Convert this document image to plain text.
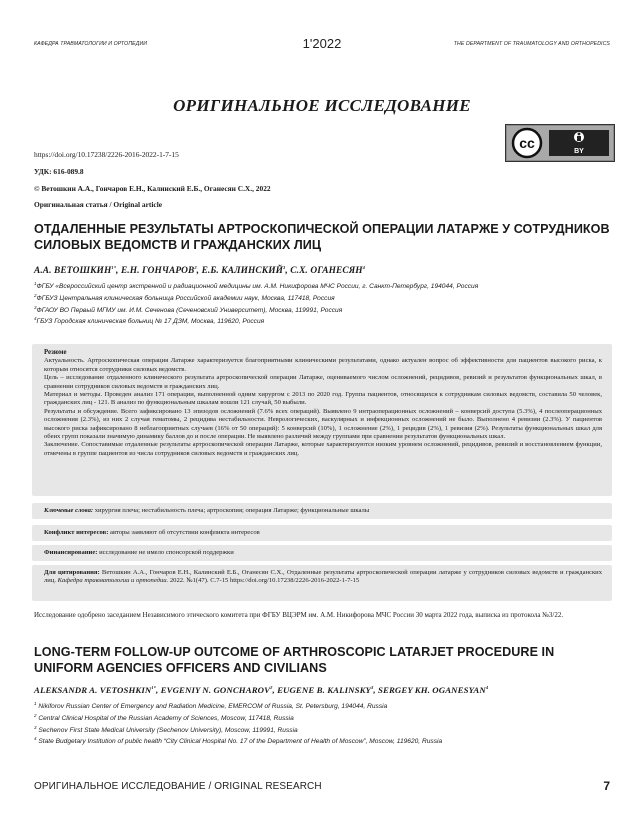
КАФЕДРА ТРАВМАТОЛОГИИ И ОРТОПЕДИИ	1'2022	THE DEPARTMENT OF TRAUMATOLOGY AND ORTHOPEDICS
ОРИГИНАЛЬНОЕ ИССЛЕДОВАНИЕ
cc
BY
https://doi.org/10.17238/2226-2016-2022-1-7-15
УДК: 616-089.8
© Ветошкин А.А., Гончаров Е.Н., Калинский Е.Б., Оганесян С.Х., 2022
Оригинальная статья / Original article
ОТДАЛЕННЫЕ РЕЗУЛЬТАТЫ АРТРОСКОПИЧЕСКОЙ ОПЕРАЦИИ ЛАТАРЖЕ У СОТРУДНИКОВ СИЛОВЫХ ВЕДОМСТВ И ГРАЖДАНСКИХ ЛИЦ
А.А. $ВЕТОШКИН^{1*}$, Е.Н. ГОНЧАРОВ$^2$, Е.Б. КАЛИНСКИЙ$^3$, С.Х. ОГАНЕСЯН$^4$
$^1$ФГБУ «Всероссийский центр экстренной и радиационной медицины им. А.М. Никифорова МЧС России, г. Санкт-Петербург, 194044, Россия
$^2$ФГБУЗ Центральная клиническая больница Российской академии наук, Москва, 117418, Россия
$^3$ФГАОУ ВО Первый МГМУ им. И.М. Сеченова (Сеченовский Университет), Москва, 119991, Россия
$^4$ГБУЗ Городская клиническая больниц № 17 ДЗМ, Москва, 119620, Россия
Резюме
Актуальность. Артроскопическая операция Латарже характеризуется благоприятными клиническими результатами, однако актуален вопрос об эффективности для пациентов высокого риска, к которым относятся сотрудники силовых ведомств.
Цель – исследование отдаленного клинического результата артроскопической операции Латарже, оцениваемого числом осложнений, рецидивов, ревизий и результатов функциональных шкал, в сравнении сотрудников силовых ведомств и гражданских лиц.
Материал и методы. Проведен анализ 171 операции, выполненной одним хирургом с 2013 по 2020 год. Группа пациентов, относящихся к сотрудникам силовых ведомств, составила 50 человек, гражданских лиц - 121. В анализ по функциональным шкалам вошли 121 случай, 50 выбыли.
Результаты и обсуждение. Всего зафиксировано 13 эпизодов осложнений (7.6% всех операций). Выявлено 9 интраоперационных осложнений – конверсий доступа (5.3%), 4 послеоперационных осложнения (2.3%), из них 2 случая гематомы, 2 рецидива нестабильности. Неврологических, васкулярных и инфекционных осложнений не было. Выполнено 4 ревизии (2.3%). У пациентов высокого риска зафиксировано 8 неблагоприятных случаев (16% от 50 операций): 5 конверсий (10%), 1 осложнение (2%), 1 рецидив (2%), 1 ревизия (2%). Результаты функциональных шкал для обеих групп показали значимую динамику баллов до и после операции. Не выявлено различий между группами при сравнении результатов функциональных шкал.
Заключение. Сопоставимые отдаленные результаты артроскопической операции Латарже, которые характеризуются низким уровнем осложнений, рецидивов, ревизий и восстановлением функции, отмечены в группе пациентов из числа сотрудников силовых ведомств и гражданских лиц.
Ключевые слова: хирургия плеча; нестабильность плеча; артроскопия; операция Латарже; функциональные шкалы
Конфликт интересов: авторы заявляют об отсутствии конфликта интересов
Финансирование: исследование не имело спонсорской поддержки
Для цитирования: Ветошкин А.А., Гончаров Е.Н., Калинский Е.Б., Оганесян С.Х., Отдаленные результаты артроскопической операции латарже у сотрудников силовых ведомств и гражданских лиц. Кафедра травматологии и ортопедии. 2022. №1(47). С.7-15 https://doi.org/10.17238/2226-2016-2022-1-7-15
Исследование одобрено заседанием Независимого этического комитета при ФГБУ ВЦЭРМ им. А.М. Никифорова МЧС России 30 марта 2022 года, выписка из протокола №3/22.
LONG-TERM FOLLOW-UP OUTCOME OF ARTHROSCOPIC LATARJET PROCEDURE IN UNIFORM AGENCIES OFFICERS AND CIVILIANS
ALEKSANDR A. $VETOSHKIN^{1*}$, EVGENIY N. GONCHAROV$^2$, EUGENE B. KALINSKY$^3$, SERGEY KH. OGANESYAN$^4$
$^1$ Nikiforov Russian Center of Emergency and Radiation Medicine, EMERCOM of Russia, St. Petersburg, 194044, Russia
$^2$ Central Clinical Hospital of the Russian Academy of Sciences, Moscow, 117418, Russia
$^3$ Sechenov First State Medical University (Sechenov University), Moscow, 119991, Russia
$^4$ State Budgetary Institution of public health “City Clinical Hospital No. 17 of the Department of Health of Moscow”, Moscow, 119620, Russia
ОРИГИНАЛЬНОЕ ИССЛЕДОВАНИЕ / ORIGINAL RESEARCH	7
